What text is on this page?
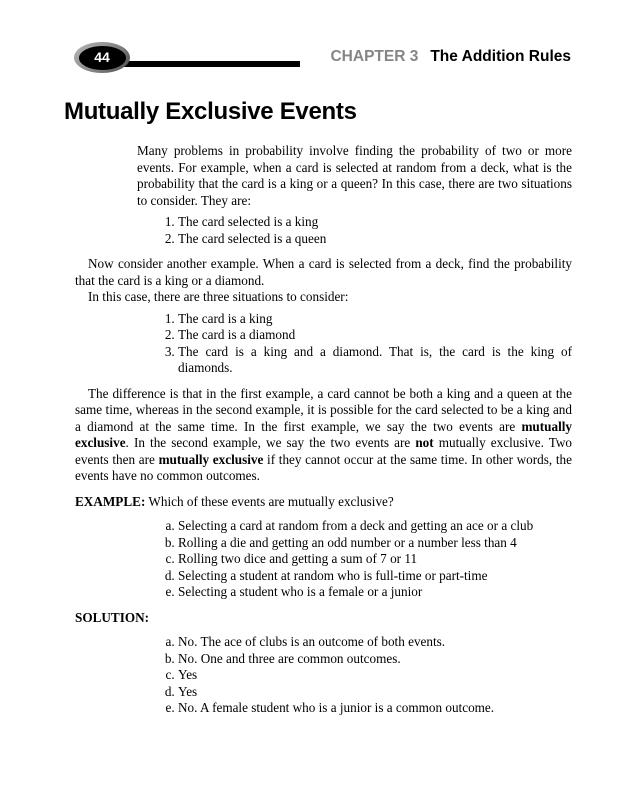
44	CHAPTER 3 The Addition Rules
Mutually Exclusive Events

Many problems in probability involve finding the probability of two or more events. For example, when a card is selected at random from a deck, what is the probability that the card is a king or a queen? In this case, there are two situations to consider. They are:

1. The card selected is a king
2. The card selected is a queen

Now consider another example. When a card is selected from a deck, find the probability that the card is a king or a diamond.

In this case, there are three situations to consider:

1. The card is a king
2. The card is a diamond
3. The card is a king and a diamond. That is, the card is the king of diamonds.

The difference is that in the first example, a card cannot be both a king and a queen at the same time, whereas in the second example, it is possible for the card selected to be a king and a diamond at the same time. In the first example, we say the two events are mutually exclusive. In the second example, we say the two events are not mutually exclusive. Two events then are mutually exclusive if they cannot occur at the same time. In other words, the events have no common outcomes.

EXAMPLE: Which of these events are mutually exclusive?

a. Selecting a card at random from a deck and getting an ace or a club
b. Rolling a die and getting an odd number or a number less than 4
c. Rolling two dice and getting a sum of 7 or 11
d. Selecting a student at random who is full-time or part-time
e. Selecting a student who is a female or a junior

SOLUTION:

a. No. The ace of clubs is an outcome of both events.
b. No. One and three are common outcomes.
c. Yes
d. Yes
e. No. A female student who is a junior is a common outcome.
